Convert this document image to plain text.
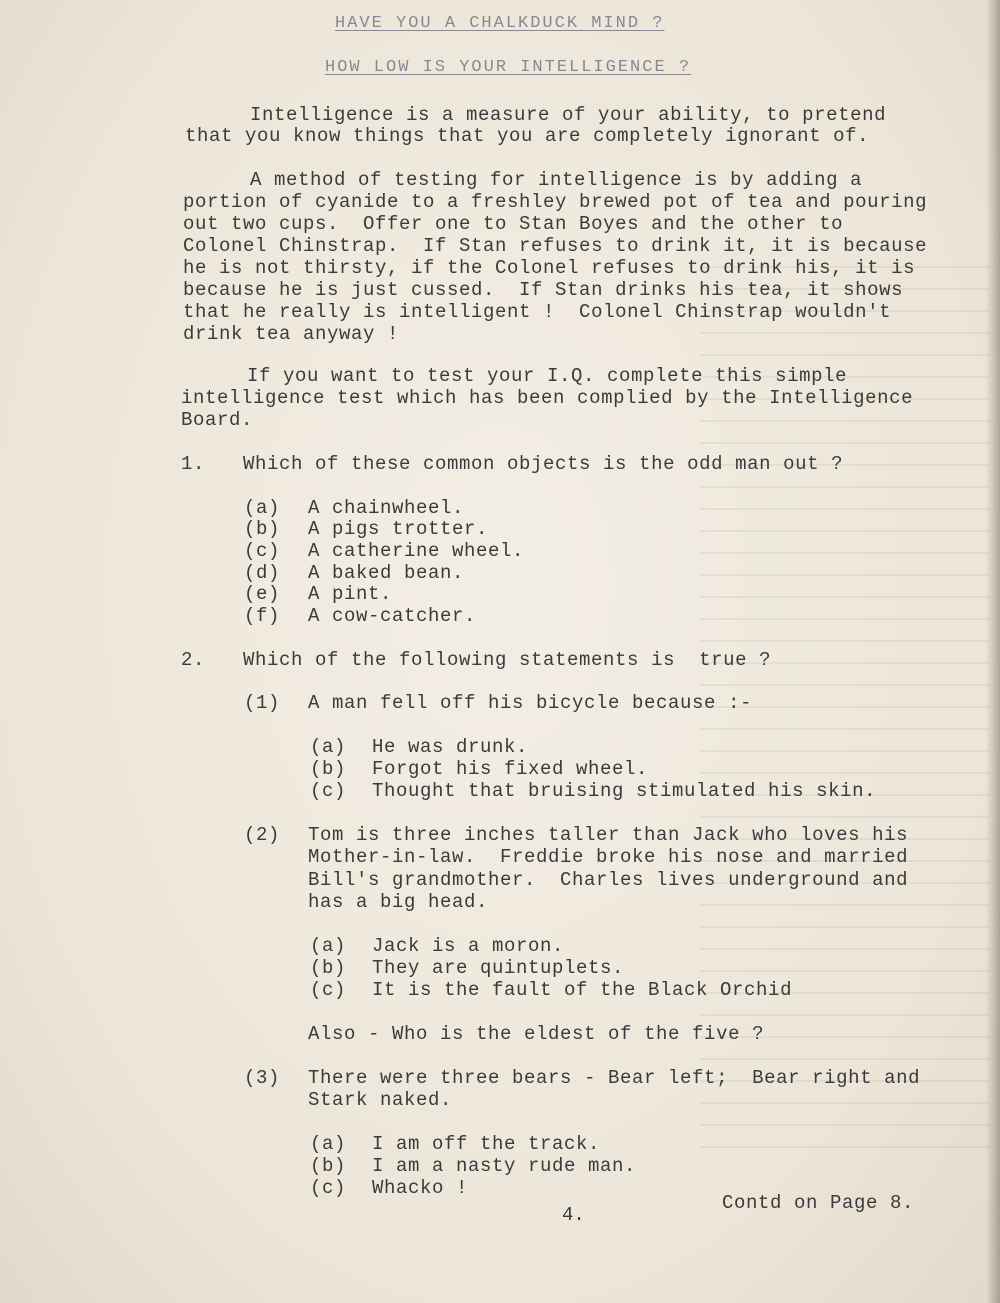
HAVE YOU A CHALKDUCK MIND ?
HOW LOW IS YOUR INTELLIGENCE ?
Intelligence is a measure of your ability, to pretend
that you know things that you are completely ignorant of.
A method of testing for intelligence is by adding a
portion of cyanide to a freshley brewed pot of tea and pouring
out two cups.  Offer one to Stan Boyes and the other to
Colonel Chinstrap.  If Stan refuses to drink it, it is because
he is not thirsty, if the Colonel refuses to drink his, it is
because he is just cussed.  If Stan drinks his tea, it shows
that he really is intelligent !  Colonel Chinstrap wouldn't
drink tea anyway !
If you want to test your I.Q. complete this simple
intelligence test which has been complied by the Intelligence
Board.
1. Which of these common objects is the odd man out ?
(a) A chainwheel.
(b) A pigs trotter.
(c) A catherine wheel.
(d) A baked bean.
(e) A pint.
(f) A cow-catcher.
2. Which of the following statements is  true ?
(1) A man fell off his bicycle because :-
(a) He was drunk.
(b) Forgot his fixed wheel.
(c) Thought that bruising stimulated his skin.
(2) Tom is three inches taller than Jack who loves his
Mother-in-law.  Freddie broke his nose and married
Bill's grandmother.  Charles lives underground and
has a big head.
(a) Jack is a moron.
(b) They are quintuplets.
(c) It is the fault of the Black Orchid
Also - Who is the eldest of the five ?
(3) There were three bears - Bear left;  Bear right and
Stark naked.
(a) I am off the track.
(b) I am a nasty rude man.
(c) Whacko !
4.
Contd on Page 8.
